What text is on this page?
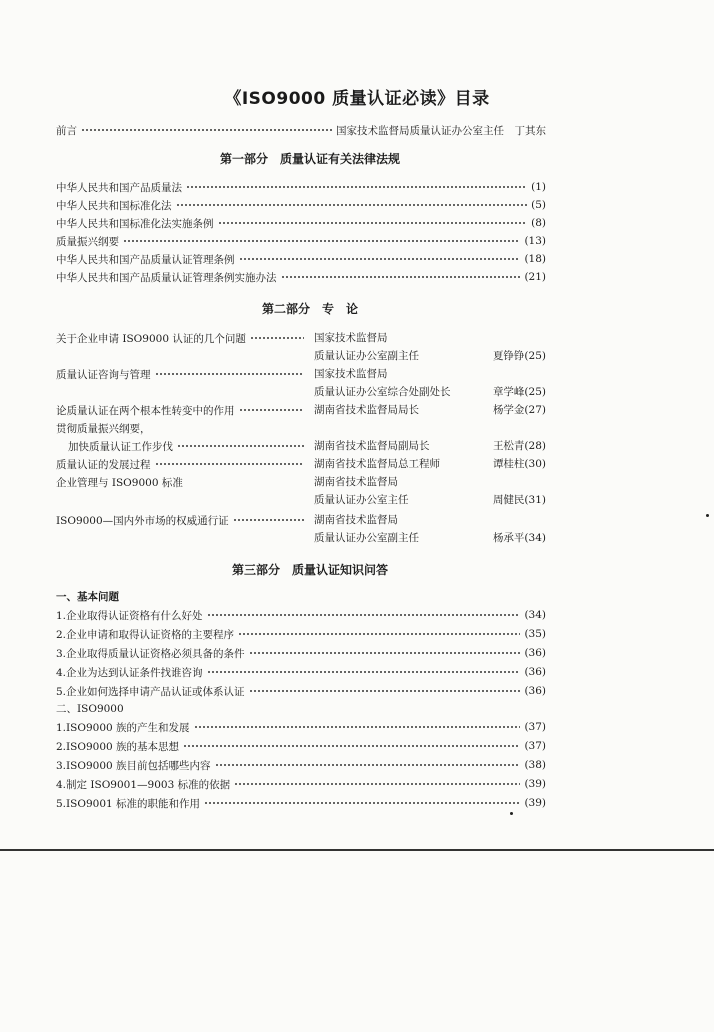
《ISO9000 质量认证必读》目录
前言	国家技术监督局质量认证办公室主任　丁其东
第一部分　质量认证有关法律法规
中华人民共和国产品质量法	(1)
中华人民共和国标准化法	(5)
中华人民共和国标准化法实施条例	(8)
质量振兴纲要	(13)
中华人民共和国产品质量认证管理条例	(18)
中华人民共和国产品质量认证管理条例实施办法	(21)
第二部分　专　论
关于企业申请 ISO9000 认证的几个问题	国家技术监督局
质量认证办公室副主任	夏铮铮(25)
质量认证咨询与管理	国家技术监督局
质量认证办公室综合处副处长	章学峰(25)
论质量认证在两个根本性转变中的作用	湖南省技术监督局局长	杨学金(27)
贯彻质量振兴纲要，
加快质量认证工作步伐	湖南省技术监督局副局长	王松青(28)
质量认证的发展过程	湖南省技术监督局总工程师	谭桂柱(30)
企业管理与 ISO9000 标准	湖南省技术监督局
质量认证办公室主任	周健民(31)
ISO9000—国内外市场的权威通行证	湖南省技术监督局
质量认证办公室副主任	杨承平(34)
第三部分　质量认证知识问答
一、基本问题
1.企业取得认证资格有什么好处	(34)
2.企业申请和取得认证资格的主要程序	(35)
3.企业取得质量认证资格必须具备的条件	(36)
4.企业为达到认证条件找谁咨询	(36)
5.企业如何选择申请产品认证或体系认证	(36)
二、ISO9000
1.ISO9000 族的产生和发展	(37)
2.ISO9000 族的基本思想	(37)
3.ISO9000 族目前包括哪些内容	(38)
4.制定 ISO9001—9003 标准的依据	(39)
5.ISO9001 标准的职能和作用	(39)
